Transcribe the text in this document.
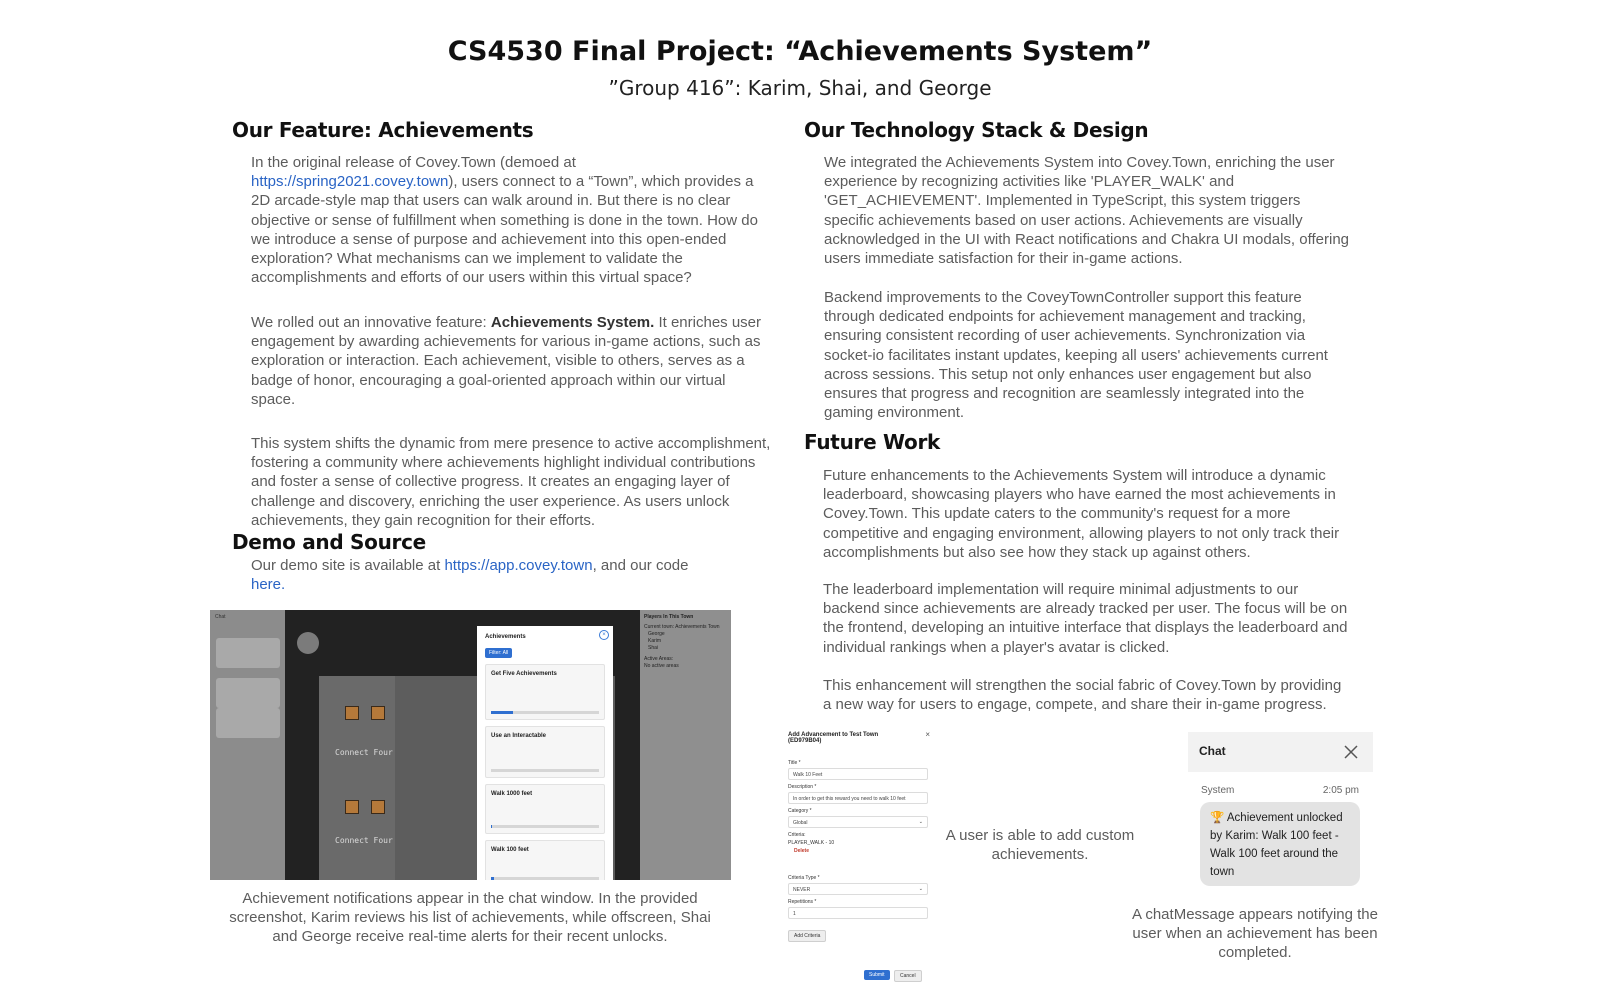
CS4530 Final Project: “Achievements System”
”Group 416”: Karim, Shai, and George
Our Feature: Achievements
In the original release of Covey.Town (demoed at https://spring2021.covey.town), users connect to a “Town”, which provides a 2D arcade-style map that users can walk around in. But there is no clear objective or sense of fulfillment when something is done in the town. How do we introduce a sense of purpose and achievement into this open-ended exploration? What mechanisms can we implement to validate the accomplishments and efforts of our users within this virtual space?
We rolled out an innovative feature: Achievements System. It enriches user engagement by awarding achievements for various in-game actions, such as exploration or interaction. Each achievement, visible to others, serves as a badge of honor, encouraging a goal-oriented approach within our virtual space.
This system shifts the dynamic from mere presence to active accomplishment, fostering a community where achievements highlight individual contributions and foster a sense of collective progress. It creates an engaging layer of challenge and discovery, enriching the user experience. As users unlock achievements, they gain recognition for their efforts.
Demo and Source
Our demo site is available at https://app.covey.town, and our code
here.
Chat
Connect Four
Connect Four
Achievements	×
Filter: All
Get Five Achievements
Use an Interactable
Walk 1000 feet
Walk 100 feet
Players In This Town
Current town: Achievements Town
George
Karim
Shai
Active Areas:
No active areas
Achievement notifications appear in the chat window. In the provided screenshot, Karim reviews his list of achievements, while offscreen, Shai and George receive real-time alerts for their recent unlocks.
Our Technology Stack & Design
We integrated the Achievements System into Covey.Town, enriching the user experience by recognizing activities like 'PLAYER_WALK' and 'GET_ACHIEVEMENT'. Implemented in TypeScript, this system triggers specific achievements based on user actions. Achievements are visually acknowledged in the UI with React notifications and Chakra UI modals, offering users immediate satisfaction for their in-game actions.
Backend improvements to the CoveyTownController support this feature through dedicated endpoints for achievement management and tracking, ensuring consistent recording of user achievements. Synchronization via socket-io facilitates instant updates, keeping all users' achievements current across sessions. This setup not only enhances user engagement but also ensures that progress and recognition are seamlessly integrated into the gaming environment.
Future Work
Future enhancements to the Achievements System will introduce a dynamic leaderboard, showcasing players who have earned the most achievements in Covey.Town. This update caters to the community's request for a more competitive and engaging environment, allowing players to not only track their accomplishments but also see how they stack up against others.
The leaderboard implementation will require minimal adjustments to our backend since achievements are already tracked per user. The focus will be on the frontend, developing an intuitive interface that displays the leaderboard and individual rankings when a player's avatar is clicked.
This enhancement will strengthen the social fabric of Covey.Town by providing a new way for users to engage, compete, and share their in-game progress.
Add Advancement to Test Town (ED979B04)
×
Title *
Walk 10 Feet
Description *
In order to get this reward you need to walk 10 feet
Category *
Global	⌄
Criteria:
PLAYER_WALK - 10
Delete
Criteria Type *
NEVER	⌄
Repetitions *
1
Add Criteria
Submit	Cancel
A user is able to add custom achievements.
Chat
System	2:05 pm
🏆 Achievement unlocked by Karim: Walk 100 feet - Walk 100 feet around the town
A chatMessage appears notifying the user when an achievement has been completed.
